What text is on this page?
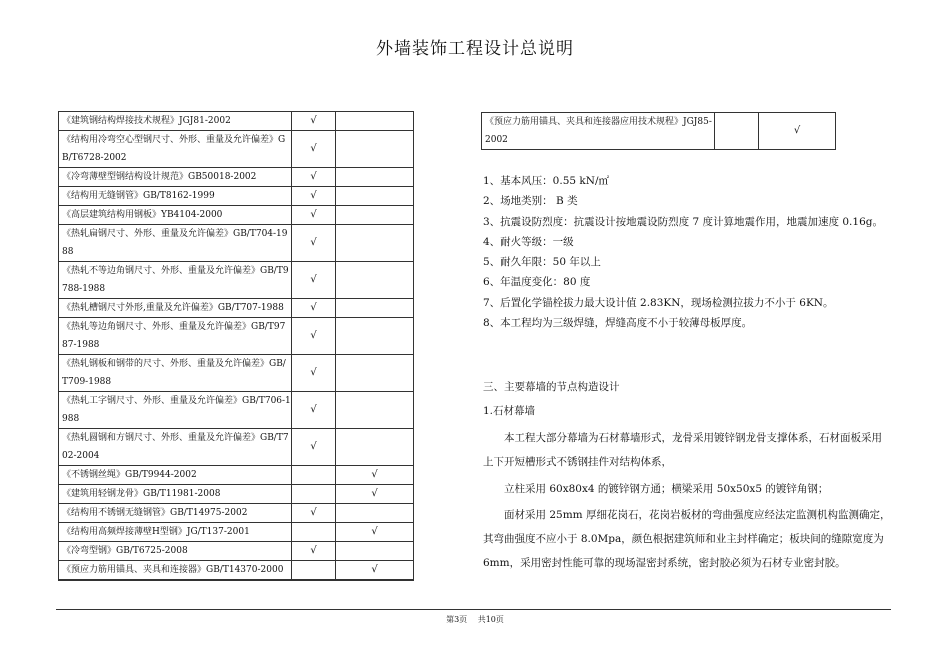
外墙装饰工程设计总说明
《建筑钢结构焊接技术规程》JGJ81-2002	√	
《结构用冷弯空心型钢尺寸、外形、重量及允许偏差》GB/T6728-2002	√	
《冷弯薄壁型钢结构设计规范》GB50018-2002	√	
《结构用无缝钢管》GB/T8162-1999	√	
《高层建筑结构用钢板》YB4104-2000	√	
《热轧扁钢尺寸、外形、重量及允许偏差》GB/T704-1988	√	
《热轧不等边角钢尺寸、外形、重量及允许偏差》GB/T9788-1988	√	
《热轧槽钢尺寸外形,重量及允许偏差》GB/T707-1988	√	
《热轧等边角钢尺寸、外形、重量及允许偏差》GB/T9787-1988	√	
《热轧钢板和钢带的尺寸、外形、重量及允许偏差》GB/T709-1988	√	
《热轧工字钢尺寸、外形、重量及允许偏差》GB/T706-1988	√	
《热轧圆钢和方钢尺寸、外形、重量及允许偏差》GB/T702-2004	√	
《不锈钢丝绳》GB/T9944-2002		√
《建筑用轻钢龙骨》GB/T11981-2008		√
《结构用不锈钢无缝钢管》GB/T14975-2002	√	
《结构用高频焊接薄壁H型钢》JG/T137-2001		√
《冷弯型钢》GB/T6725-2008	√	
《预应力筋用锚具、夹具和连接器》GB/T14370-2000		√

《预应力筋用锚具、夹具和连接器应用技术规程》JGJ85-2002		√
1、基本风压：0.55 kN/㎡
2、场地类别： B 类
3、抗震设防烈度：抗震设计按地震设防烈度 7 度计算地震作用，地震加速度 0.16g。
4、耐火等级：一级
5、耐久年限：50 年以上
6、年温度变化：80 度
7、后置化学锚栓拔力最大设计值 2.83KN，现场检测拉拔力不小于 6KN。
8、本工程均为三级焊缝，焊缝高度不小于较薄母板厚度。
三、主要幕墙的节点构造设计
1.石材幕墙

本工程大部分幕墙为石材幕墙形式，龙骨采用镀锌钢龙骨支撑体系，石材面板采用上下开短槽形式不锈钢挂件对结构体系，

立柱采用 60x80x4 的镀锌钢方通；横梁采用 50x50x5 的镀锌角钢；

面材采用 25mm 厚细花岗石，花岗岩板材的弯曲强度应经法定监测机构监测确定，其弯曲强度不应小于 8.0Mpa，颜色根据建筑师和业主封样确定；板块间的缝隙宽度为 6mm，采用密封性能可靠的现场湿密封系统，密封胶必须为石材专业密封胶。

第3页 共10页
